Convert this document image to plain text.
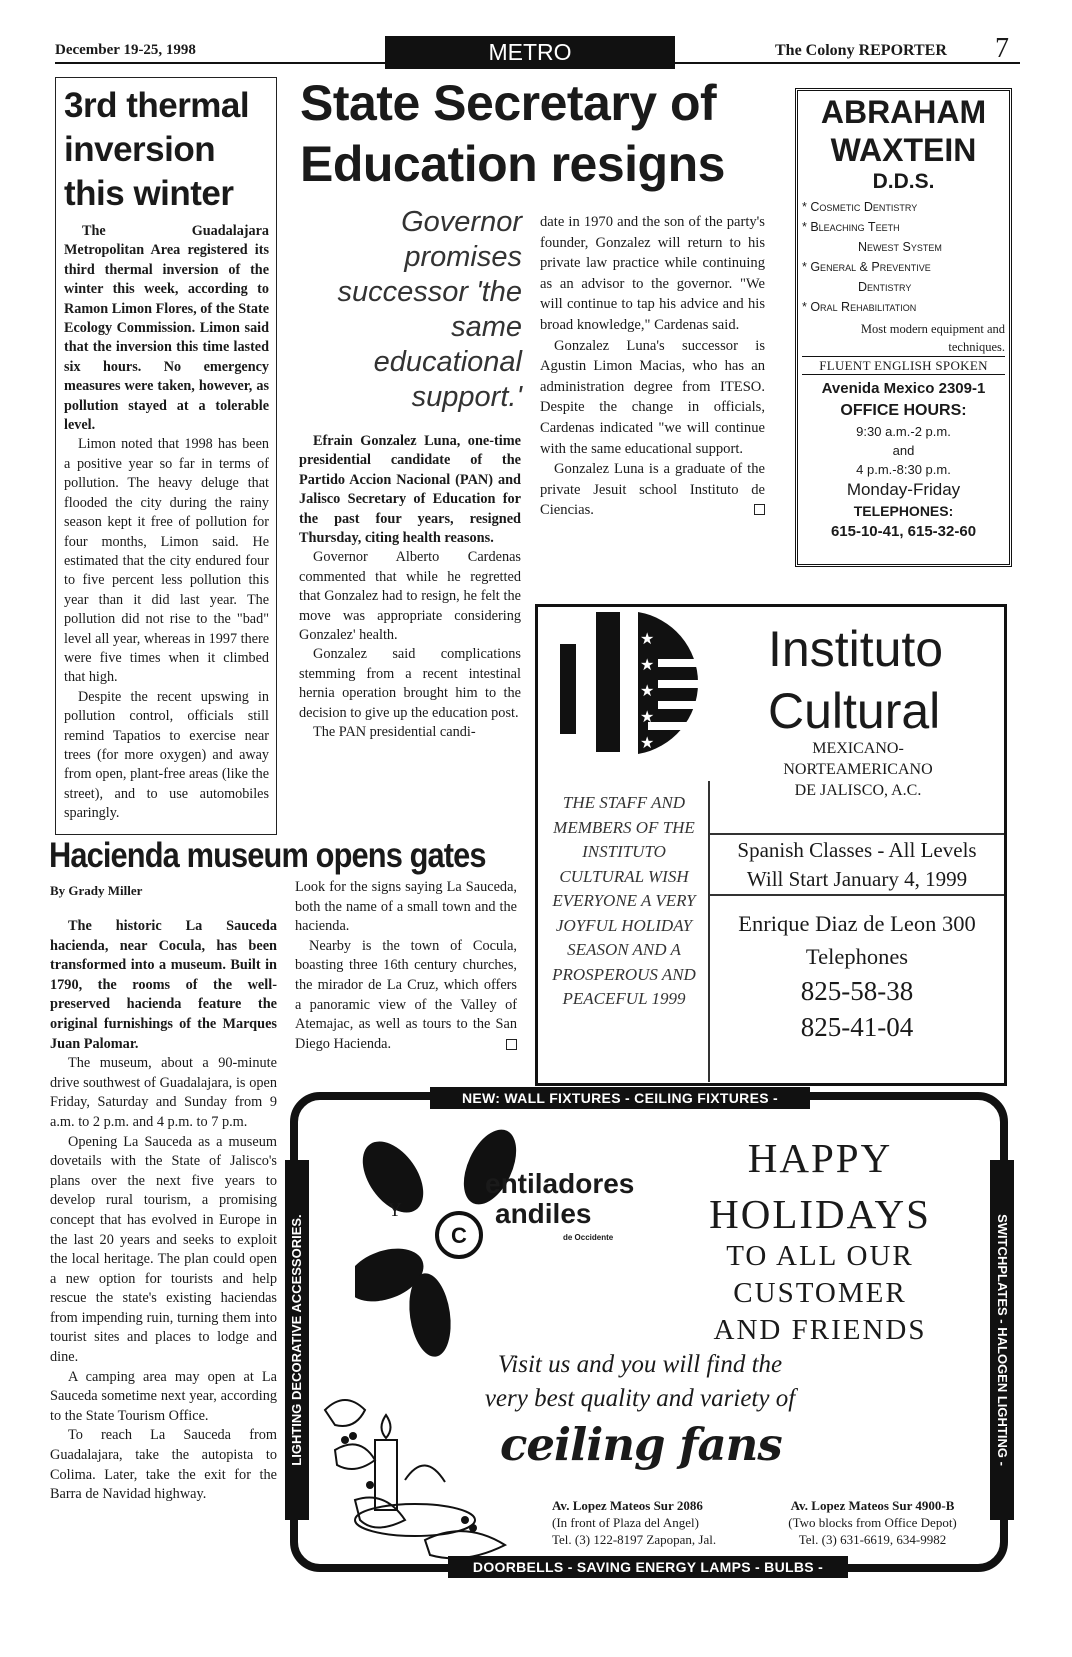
December 19-25, 1998	METRO	The Colony REPORTER 7
3rd thermal inversion this winter

The Guadalajara Metropolitan Area registered its third thermal inversion of the winter this week, according to Ramon Limon Flores, of the State Ecology Commission. Limon said that the inversion this time lasted six hours. No emergency measures were taken, however, as pollution stayed at a tolerable level.

Limon noted that 1998 has been a positive year so far in terms of pollution. The heavy deluge that flooded the city during the rainy season kept it free of pollution for four months, Limon said. He estimated that the city endured four to five percent less pollution this year than it did last year. The pollution did not rise to the "bad" level all year, whereas in 1997 there were five times when it climbed that high.

Despite the recent upswing in pollution control, officials still remind Tapatios to exercise near trees (for more oxygen) and away from open, plant-free areas (like the street), and to use automobiles sparingly.

State Secretary of Education resigns
Governor promises successor 'the same educational support.'

Efrain Gonzalez Luna, one-time presidential candidate of the Partido Accion Nacional (PAN) and Jalisco Secretary of Education for the past four years, resigned Thursday, citing health reasons.

Governor Alberto Cardenas commented that while he regretted that Gonzalez had to resign, he felt the move was appropriate considering Gonzalez' health.

Gonzalez said complications stemming from a recent intestinal hernia operation brought him to the decision to give up the education post.

The PAN presidential candi-

date in 1970 and the son of the party's founder, Gonzalez will return to his private law practice while continuing as an advisor to the governor. "We will continue to tap his advice and his broad knowledge," Cardenas said.

Gonzalez Luna's successor is Agustin Limon Macias, who has an administration degree from ITESO. Despite the change in officials, Cardenas indicated "we will continue with the same educational support.

Gonzalez Luna is a graduate of the private Jesuit school Instituto de Ciencias.

ABRAHAM WAXTEIN
D.D.S.
* Cosmetic Dentistry
* Bleaching Teeth
Newest System
* General & Preventive
Dentistry
* Oral Rehabilitation
Most modern equipment and techniques.
FLUENT ENGLISH SPOKEN
Avenida Mexico 2309-1
OFFICE HOURS:
9:30 a.m.-2 p.m.
and
4 p.m.-8:30 p.m.
Monday-Friday
TELEPHONES:
615-10-41, 615-32-60
★
★
★
★
★
Instituto
Cultural
MEXICANO-
NORTEAMERICANO
DE JALISCO, A.C.
THE STAFF AND MEMBERS OF THE INSTITUTO CULTURAL WISH EVERYONE A VERY JOYFUL HOLIDAY SEASON AND A PROSPEROUS AND PEACEFUL 1999
Spanish Classes - All Levels
Will Start January 4, 1999
Enrique Diaz de Leon 300
Telephones
825-58-38
825-41-04
Hacienda museum opens gates
By Grady Miller

The historic La Sauceda hacienda, near Cocula, has been transformed into a museum. Built in 1790, the rooms of the well-preserved hacienda feature the original furnishings of the Marques Juan Palomar.

The museum, about a 90-minute drive southwest of Guadalajara, is open Friday, Saturday and Sunday from 9 a.m. to 2 p.m. and 4 p.m. to 7 p.m.

Opening La Sauceda as a museum dovetails with the State of Jalisco's plans over the next five years to develop rural tourism, a promising concept that has evolved in Europe in the last 20 years and seeks to exploit the local heritage. The plan could open a new option for tourists and help rescue the state's existing haciendas from impending ruin, turning them into tourist sites and places to lodge and dine.

A camping area may open at La Sauceda sometime next year, according to the State Tourism Office.

To reach La Sauceda from Guadalajara, take the autopista to Colima. Later, take the exit for the Barra de Navidad highway.

Look for the signs saying La Sauceda, both the name of a small town and the hacienda.

Nearby is the town of Cocula, boasting three 16th century churches, the mirador de La Cruz, which offers a panoramic view of the Valley of Atemajac, as well as tours to the San Diego Hacienda.

LIGHTING DECORATIVE ACCESSORIES.	SWITCHPLATES - HALOGEN LIGHTING -
NEW: WALL FIXTURES - CEILING FIXTURES -
DOORBELLS - SAVING ENERGY LAMPS - BULBS -
C
entiladores
Y	andiles
de Occidente
HAPPY
HOLIDAYS
TO ALL OUR
CUSTOMER
AND FRIENDS
Visit us and you will find the
very best quality and variety of
ceiling fans
Av. Lopez Mateos Sur 2086
(In front of Plaza del Angel)
Tel. (3) 122-8197 Zapopan, Jal.
Av. Lopez Mateos Sur 4900-B
(Two blocks from Office Depot)
Tel. (3) 631-6619, 634-9982
